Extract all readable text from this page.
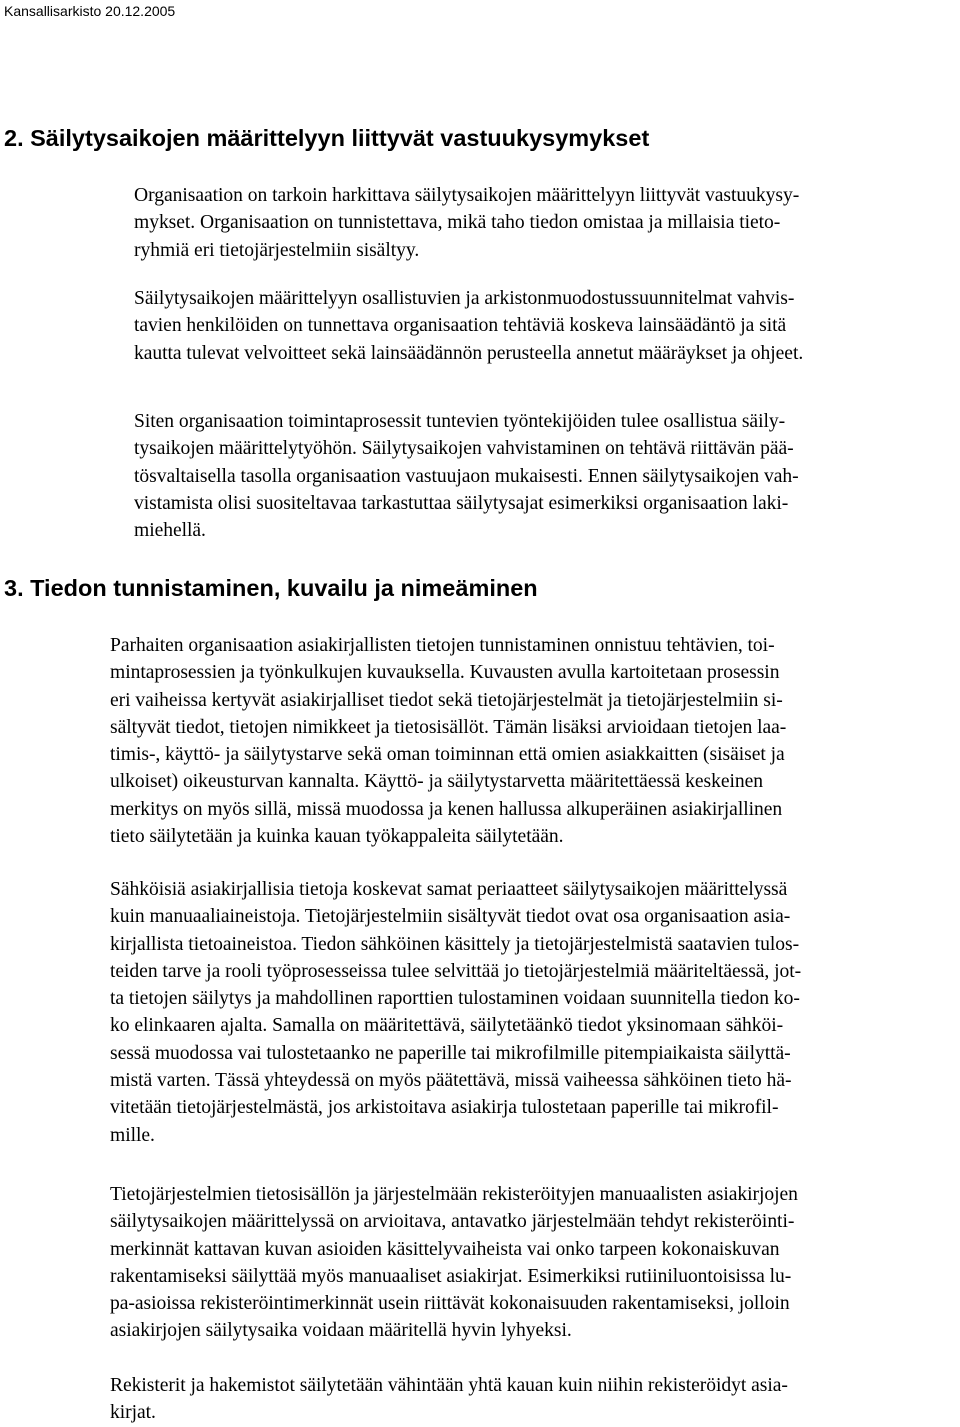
Kansallisarkisto 20.12.2005
2. Säilytysaikojen määrittelyyn liittyvät vastuukysymykset
Organisaation on tarkoin harkittava säilytysaikojen määrittelyyn liittyvät vastuukysy-
mykset. Organisaation on tunnistettava, mikä taho tiedon omistaa ja millaisia tieto-
ryhmiä eri tietojärjestelmiin sisältyy.
Säilytysaikojen määrittelyyn osallistuvien ja arkistonmuodostussuunnitelmat vahvis-
tavien henkilöiden on tunnettava organisaation tehtäviä koskeva lainsäädäntö ja sitä
kautta tulevat velvoitteet sekä lainsäädännön perusteella annetut määräykset ja ohjeet.
Siten organisaation toimintaprosessit tuntevien työntekijöiden tulee osallistua säily-
tysaikojen määrittelytyöhön. Säilytysaikojen vahvistaminen on tehtävä riittävän pää-
tösvaltaisella tasolla organisaation vastuujaon mukaisesti. Ennen säilytysaikojen vah-
vistamista olisi suositeltavaa tarkastuttaa säilytysajat esimerkiksi organisaation laki-
miehellä.
3. Tiedon tunnistaminen, kuvailu ja nimeäminen
Parhaiten organisaation asiakirjallisten tietojen tunnistaminen onnistuu tehtävien, toi-
mintaprosessien ja työnkulkujen kuvauksella. Kuvausten avulla kartoitetaan prosessin
eri vaiheissa kertyvät asiakirjalliset tiedot sekä tietojärjestelmät ja tietojärjestelmiin si-
sältyvät tiedot, tietojen nimikkeet ja tietosisällöt. Tämän lisäksi arvioidaan tietojen laa-
timis-, käyttö- ja säilytystarve sekä oman toiminnan että omien asiakkaitten (sisäiset ja
ulkoiset) oikeusturvan kannalta. Käyttö- ja säilytystarvetta määritettäessä keskeinen
merkitys on myös sillä, missä muodossa ja kenen hallussa alkuperäinen asiakirjallinen
tieto säilytetään ja kuinka kauan työkappaleita säilytetään.
Sähköisiä asiakirjallisia tietoja koskevat samat periaatteet säilytysaikojen määrittelyssä
kuin manuaaliaineistoja. Tietojärjestelmiin sisältyvät tiedot ovat osa organisaation asia-
kirjallista tietoaineistoa. Tiedon sähköinen käsittely ja tietojärjestelmistä saatavien tulos-
teiden tarve ja rooli työprosesseissa tulee selvittää jo tietojärjestelmiä määriteltäessä, jot-
ta tietojen säilytys ja mahdollinen raporttien tulostaminen voidaan suunnitella tiedon ko-
ko elinkaaren ajalta. Samalla on määritettävä, säilytetäänkö tiedot yksinomaan sähköi-
sessä muodossa vai tulostetaanko ne paperille tai mikrofilmille pitempiaikaista säilyttä-
mistä varten. Tässä yhteydessä on myös päätettävä, missä vaiheessa sähköinen tieto hä-
vitetään tietojärjestelmästä, jos arkistoitava asiakirja tulostetaan paperille tai mikrofil-
mille.
Tietojärjestelmien tietosisällön ja järjestelmään rekisteröityjen manuaalisten asiakirjojen
säilytysaikojen määrittelyssä on arvioitava, antavatko järjestelmään tehdyt rekisteröinti-
merkinnät kattavan kuvan asioiden käsittelyvaiheista vai onko tarpeen kokonaiskuvan
rakentamiseksi säilyttää myös manuaaliset asiakirjat. Esimerkiksi rutiiniluontoisissa lu-
pa-asioissa rekisteröintimerkinnät usein riittävät kokonaisuuden rakentamiseksi, jolloin
asiakirjojen säilytysaika voidaan määritellä hyvin lyhyeksi.
Rekisterit ja hakemistot säilytetään vähintään yhtä kauan kuin niihin rekisteröidyt asia-
kirjat.
